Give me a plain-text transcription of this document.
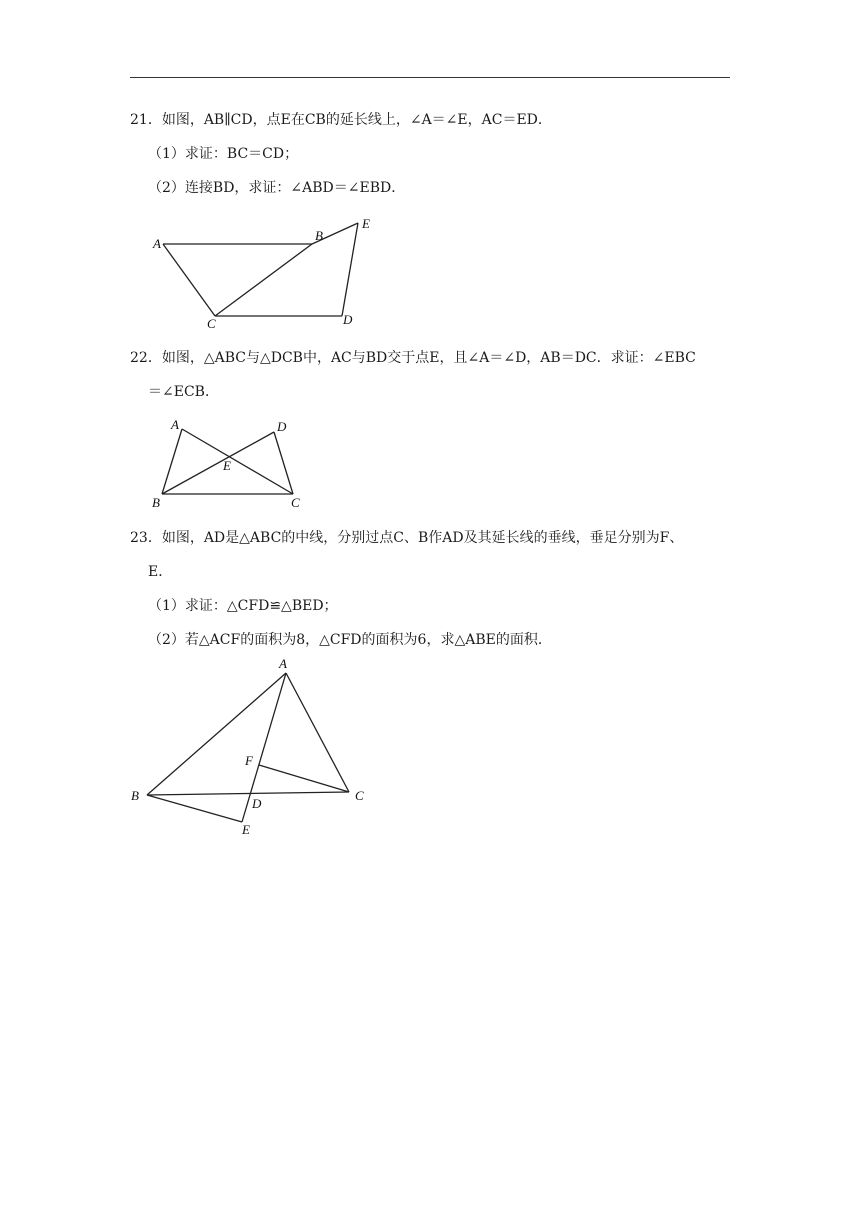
21．如图，AB∥CD，点E在CB的延长线上，∠A＝∠E，AC＝ED．
（1）求证：BC＝CD；
（2）连接BD，求证：∠ABD＝∠EBD．
A
B
E
C	D
22．如图，△ABC与△DCB中，AC与BD交于点E，且∠A＝∠D，AB＝DC．求证：∠EBC
＝∠ECB．
A	D
E
B	C
23．如图，AD是△ABC的中线，分别过点C、B作AD及其延长线的垂线，垂足分别为F、
E．
（1）求证：△CFD≌△BED；
（2）若△ACF的面积为8，△CFD的面积为6，求△ABE的面积．
A
F
B
D
C
E
